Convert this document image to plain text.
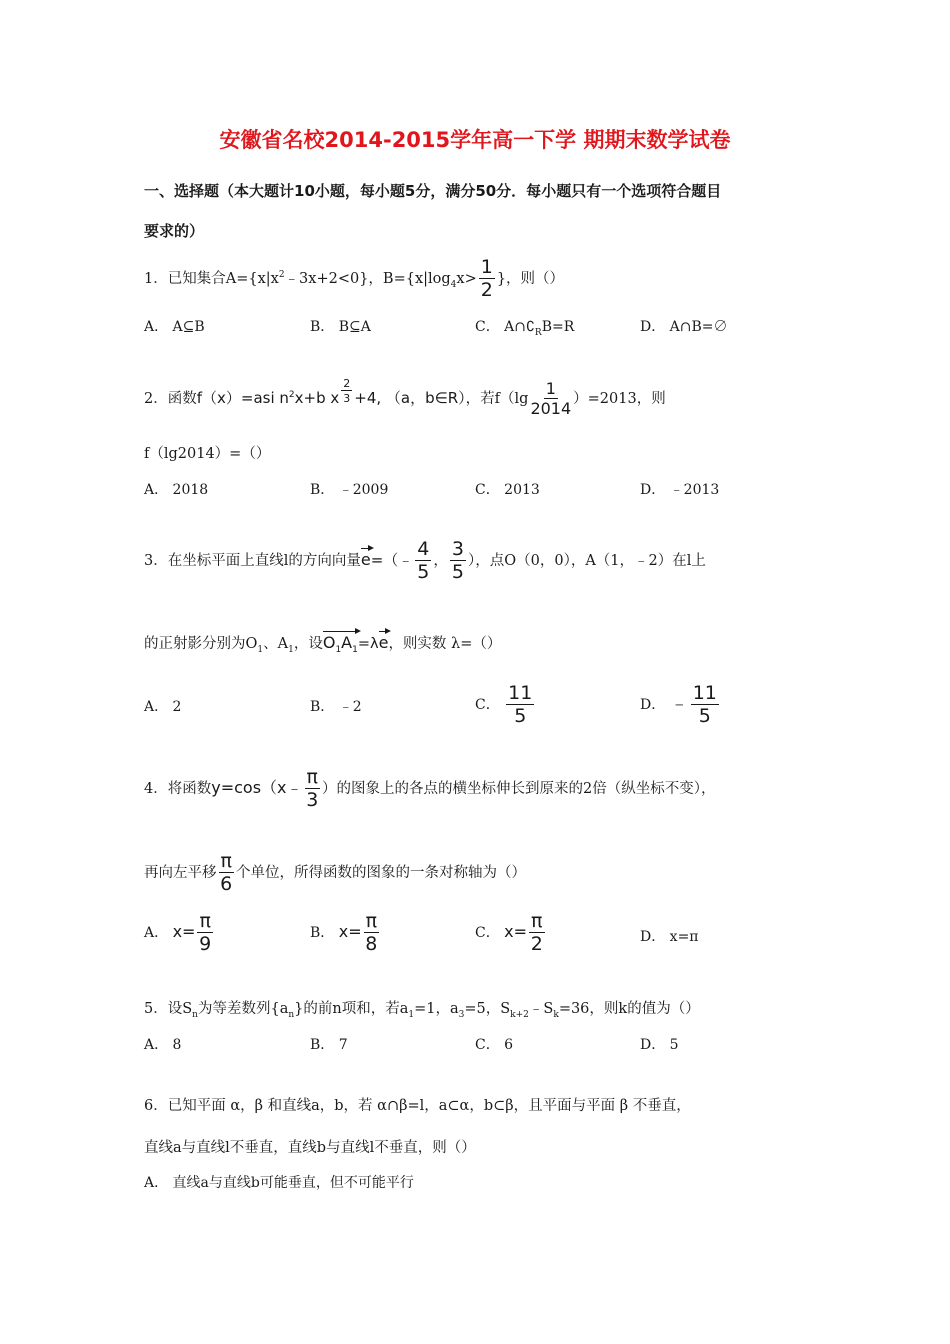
安徽省名校2014-2015学年高一下学 期期末数学试卷
一、选择题（本大题计10小题，每小题5分，满分50分．每小题只有一个选项符合题目
要求的）
1．已知集合$A=\{x|x^2﹣3x+2<0\}$，$B=\{x|\log_4x> \frac{1}{2}$ }，则（）
A． A⊆B	B． B⊆A	C． $A\cap∁_RB=R$	D． A∩B=∅
2．函数f（x）=asi $n^2x+b$ x $\frac{2}{3} +4$, （a，b∈R），若$f(\lg \frac{1}{2014} )=2013$，则
f（lg2014）=（）
A． 2018	B． ﹣2009	C． 2013	D． ﹣2013
3．在坐标平面上直线l的方向向量e=（﹣ $\frac{4}{5}$ ， $\frac{3}{5}$ ），点O（0，0），A（1，﹣2）在l上
的正射影分别为$O_1$、$A_1$，设$O_1A_1=\lambda e$，则实数 λ=（）
A． 2	B． ﹣2	C． $\frac{11}{5}$	D． ﹣ $\frac{11}{5}$
4．将函数y=cos（x﹣ $\frac{\pi}{3}$ ）的图象上的各点的横坐标伸长到原来的2倍（纵坐标不变），
再向左平移 $\frac{\pi}{6}$ 个单位，所得函数的图象的一条对称轴为（）
A． $x= \frac{\pi}{9}$	B． $x= \frac{\pi}{8}$	C． $x= \frac{\pi}{2}$	D． x=π
5．设$S_n$为等差数列$\{a_n\}$的前n项和，若$a_1=1$，$a_3=5$，$S_{k+2}﹣S_k=36$，则k的值为（）
A． 8	B． 7	C． 6	D． 5
6．已知平面 α，β 和直线a，b，若 α∩β=l，a⊂α，b⊂β，且平面与平面 β 不垂直，
直线a与直线l不垂直，直线b与直线l不垂直，则（）
A． 直线a与直线b可能垂直，但不可能平行
